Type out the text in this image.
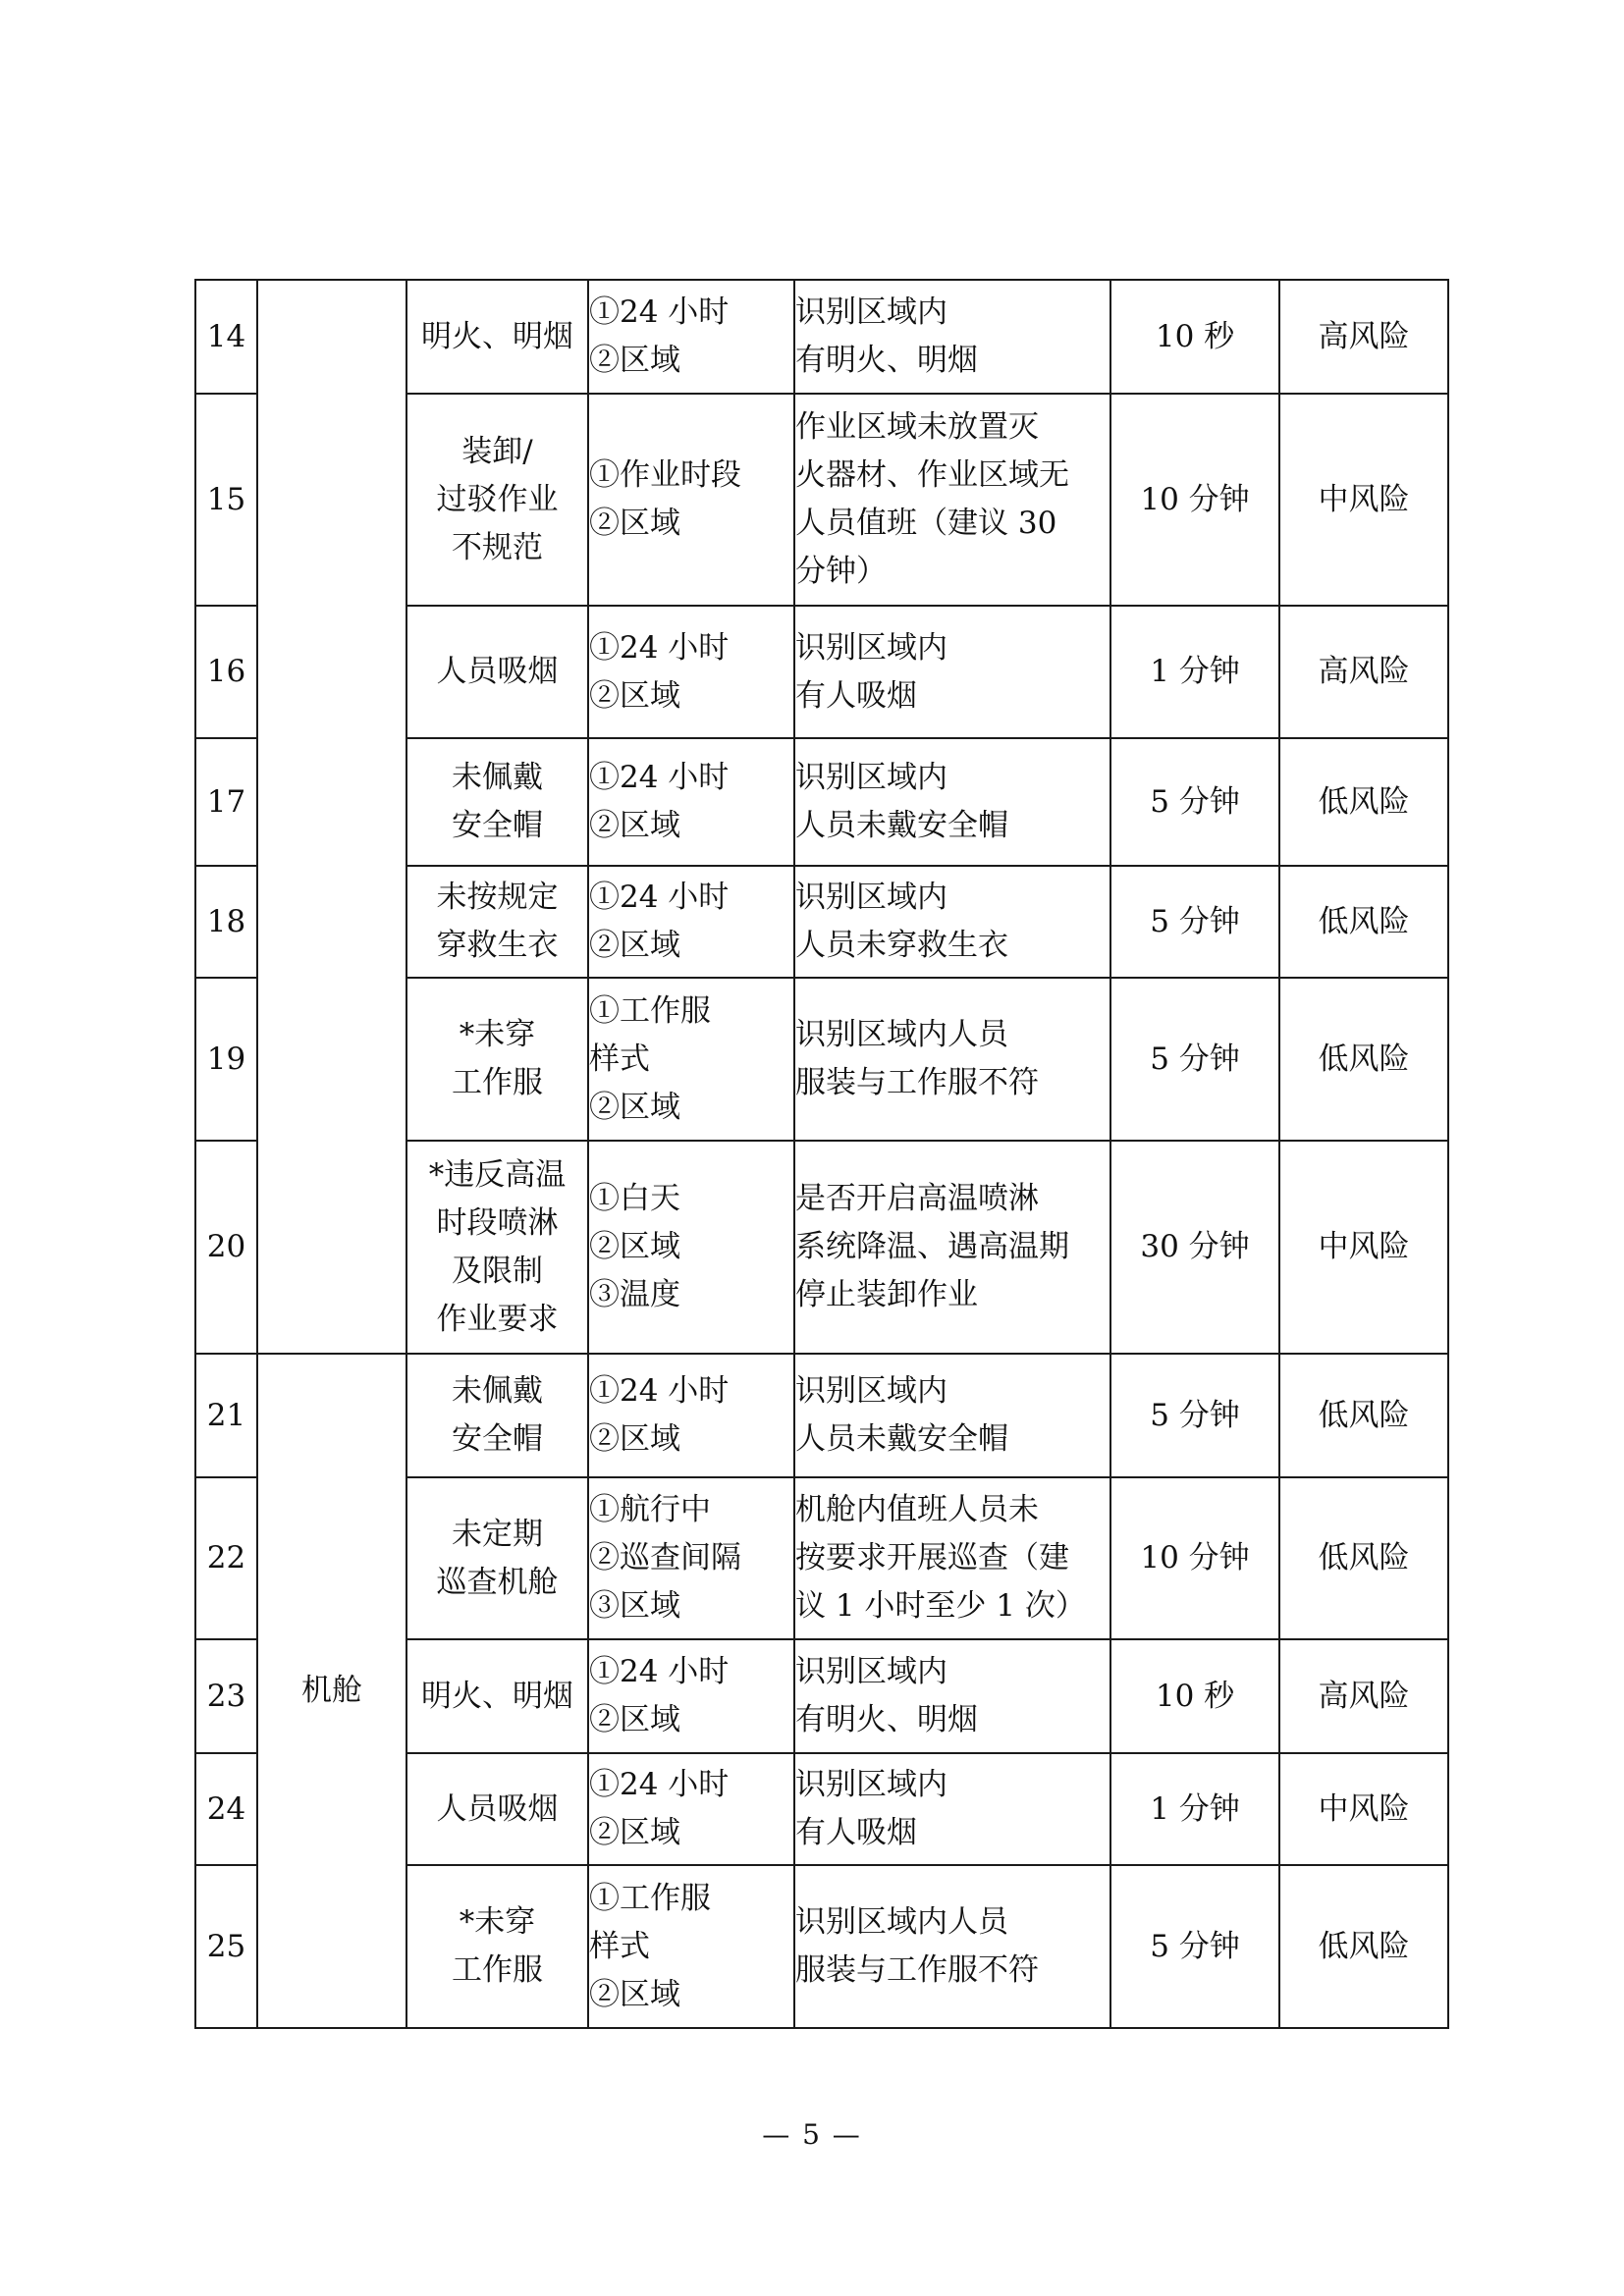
14		明火、明烟	①24 小时
②区域	识别区域内
有明火、明烟	10 秒	高风险
15		装卸/
过驳作业
不规范	①作业时段
②区域	作业区域未放置灭
火器材、作业区域无
人员值班（建议 30
分钟）	10 分钟	中风险
16		人员吸烟	①24 小时
②区域	识别区域内
有人吸烟	1 分钟	高风险
17		未佩戴
安全帽	①24 小时
②区域	识别区域内
人员未戴安全帽	5 分钟	低风险
18		未按规定
穿救生衣	①24 小时
②区域	识别区域内
人员未穿救生衣	5 分钟	低风险
19		*未穿
工作服	①工作服
样式
②区域	识别区域内人员
服装与工作服不符	5 分钟	低风险
20		*违反高温
时段喷淋
及限制
作业要求	①白天
②区域
③温度	是否开启高温喷淋
系统降温、遇高温期
停止装卸作业	30 分钟	中风险
21	机舱	未佩戴
安全帽	①24 小时
②区域	识别区域内
人员未戴安全帽	5 分钟	低风险
22		未定期
巡查机舱	①航行中
②巡查间隔
③区域	机舱内值班人员未
按要求开展巡查（建
议 1 小时至少 1 次）	10 分钟	低风险
23		明火、明烟	①24 小时
②区域	识别区域内
有明火、明烟	10 秒	高风险
24		人员吸烟	①24 小时
②区域	识别区域内
有人吸烟	1 分钟	中风险
25		*未穿
工作服	①工作服
样式
②区域	识别区域内人员
服装与工作服不符	5 分钟	低风险
— 5 —
